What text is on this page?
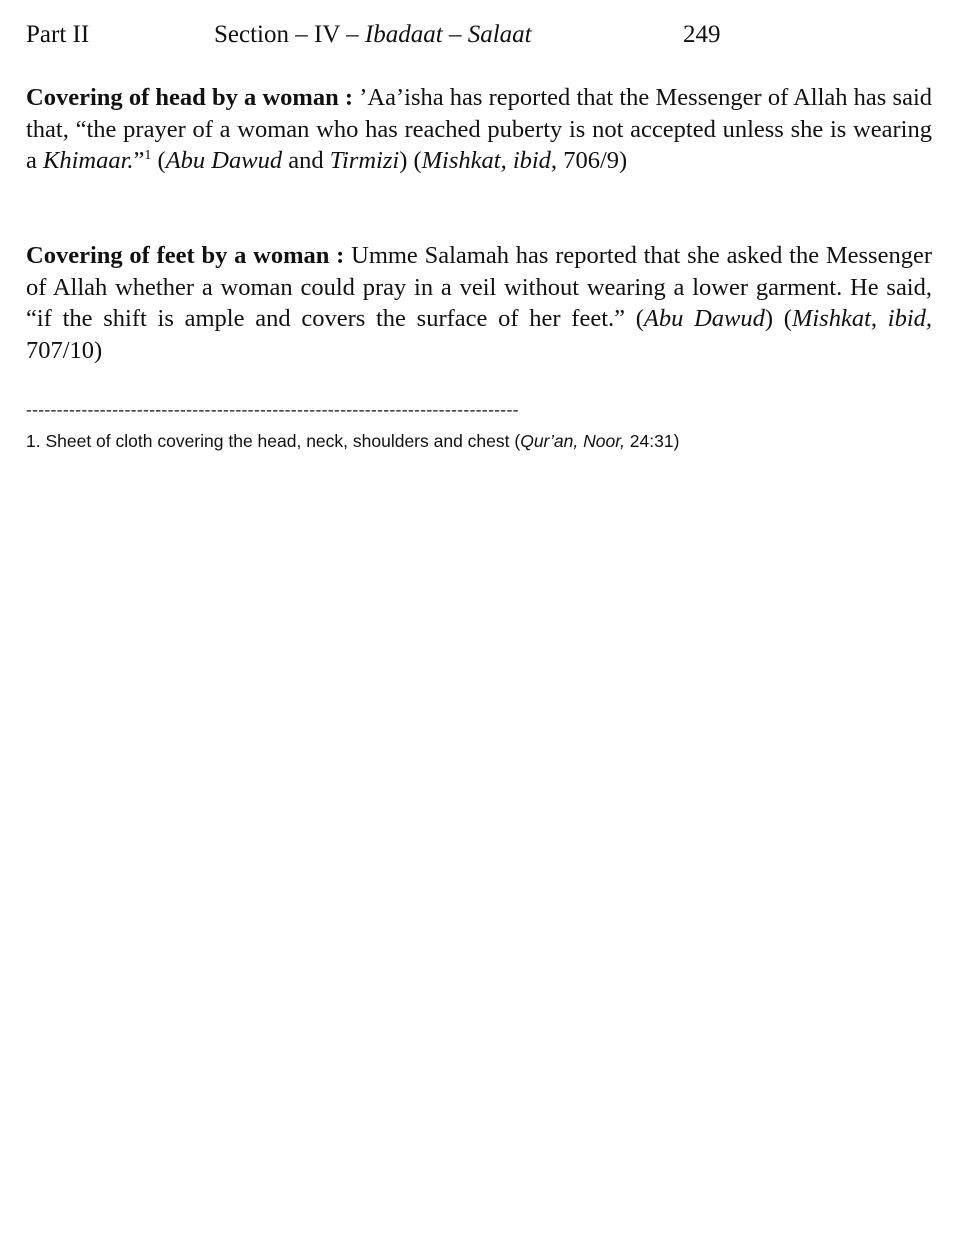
Part II	Section – IV – Ibadaat – Salaat	249

Covering of head by a woman : ’Aa’isha has reported that the Messenger of Allah has said that, “the prayer of a woman who has reached puberty is not accepted unless she is wearing a Khimaar.”$^1$ (Abu Dawud and Tirmizi) (Mishkat, ibid, 706/9)

Covering of feet by a woman : Umme Salamah has reported that she asked the Messenger of Allah whether a woman could pray in a veil without wearing a lower garment. He said, “if the shift is ample and covers the surface of her feet.” (Abu Dawud) (Mishkat, ibid, 707/10)

--------------------------------------------------------------------------------
1. Sheet of cloth covering the head, neck, shoulders and chest (Qur’an, Noor, 24:31)
